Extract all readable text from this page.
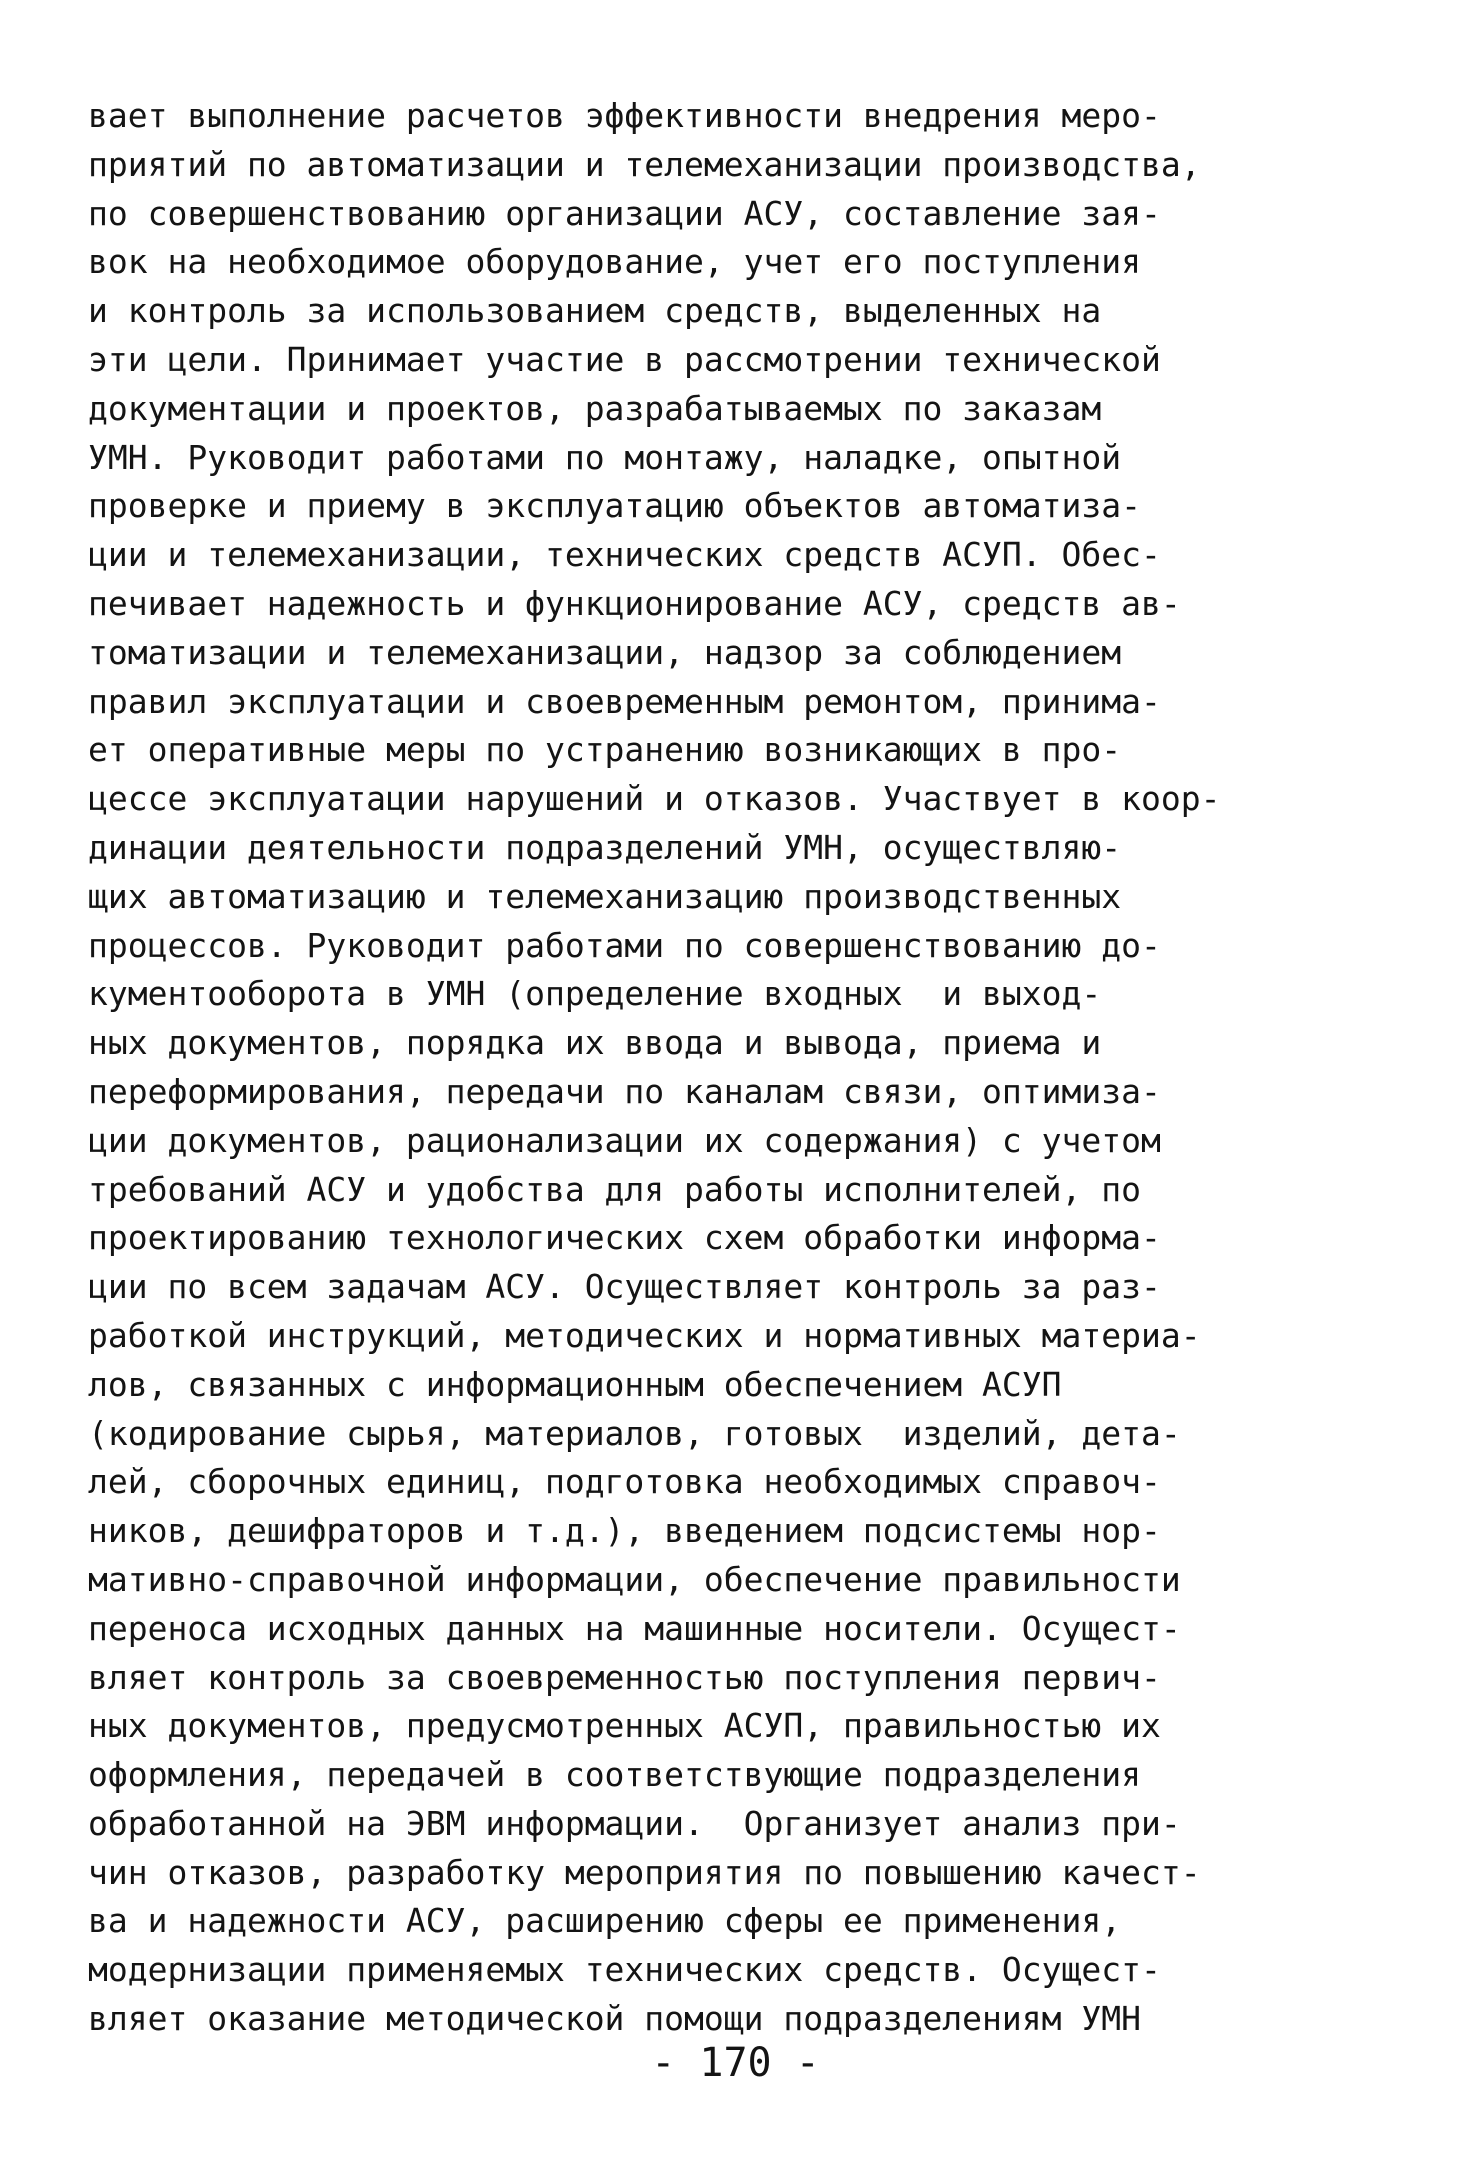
вает выполнение расчетов эффективности внедрения меро-
приятий по автоматизации и телемеханизации производства,
по совершенствованию организации АСУ, составление зая-
вок на необходимое оборудование, учет его поступления
и контроль за использованием средств, выделенных на
эти цели. Принимает участие в рассмотрении технической
документации и проектов, разрабатываемых по заказам
УМН. Руководит работами по монтажу, наладке, опытной
проверке и приему в эксплуатацию объектов автоматиза-
ции и телемеханизации, технических средств АСУП. Обес-
печивает надежность и функционирование АСУ, средств ав-
томатизации и телемеханизации, надзор за соблюдением
правил эксплуатации и своевременным ремонтом, принима-
ет оперативные меры по устранению возникающих в про-
цессе эксплуатации нарушений и отказов. Участвует в коор-
динации деятельности подразделений УМН, осуществляю-
щих автоматизацию и телемеханизацию производственных
процессов. Руководит работами по совершенствованию до-
кументооборота в УМН (определение входных  и выход-
ных документов, порядка их ввода и вывода, приема и
переформирования, передачи по каналам связи, оптимиза-
ции документов, рационализации их содержания) с учетом
требований АСУ и удобства для работы исполнителей, по
проектированию технологических схем обработки информа-
ции по всем задачам АСУ. Осуществляет контроль за раз-
работкой инструкций, методических и нормативных материа-
лов, связанных с информационным обеспечением АСУП
(кодирование сырья, материалов, готовых  изделий, дета-
лей, сборочных единиц, подготовка необходимых справоч-
ников, дешифраторов и т.д.), введением подсистемы нор-
мативно-справочной информации, обеспечение правильности
переноса исходных данных на машинные носители. Осущест-
вляет контроль за своевременностью поступления первич-
ных документов, предусмотренных АСУП, правильностью их
оформления, передачей в соответствующие подразделения
обработанной на ЭВМ информации.  Организует анализ при-
чин отказов, разработку мероприятия по повышению качест-
ва и надежности АСУ, расширению сферы ее применения,
модернизации применяемых технических средств. Осущест-
вляет оказание методической помощи подразделениям УМН
- 170 -
